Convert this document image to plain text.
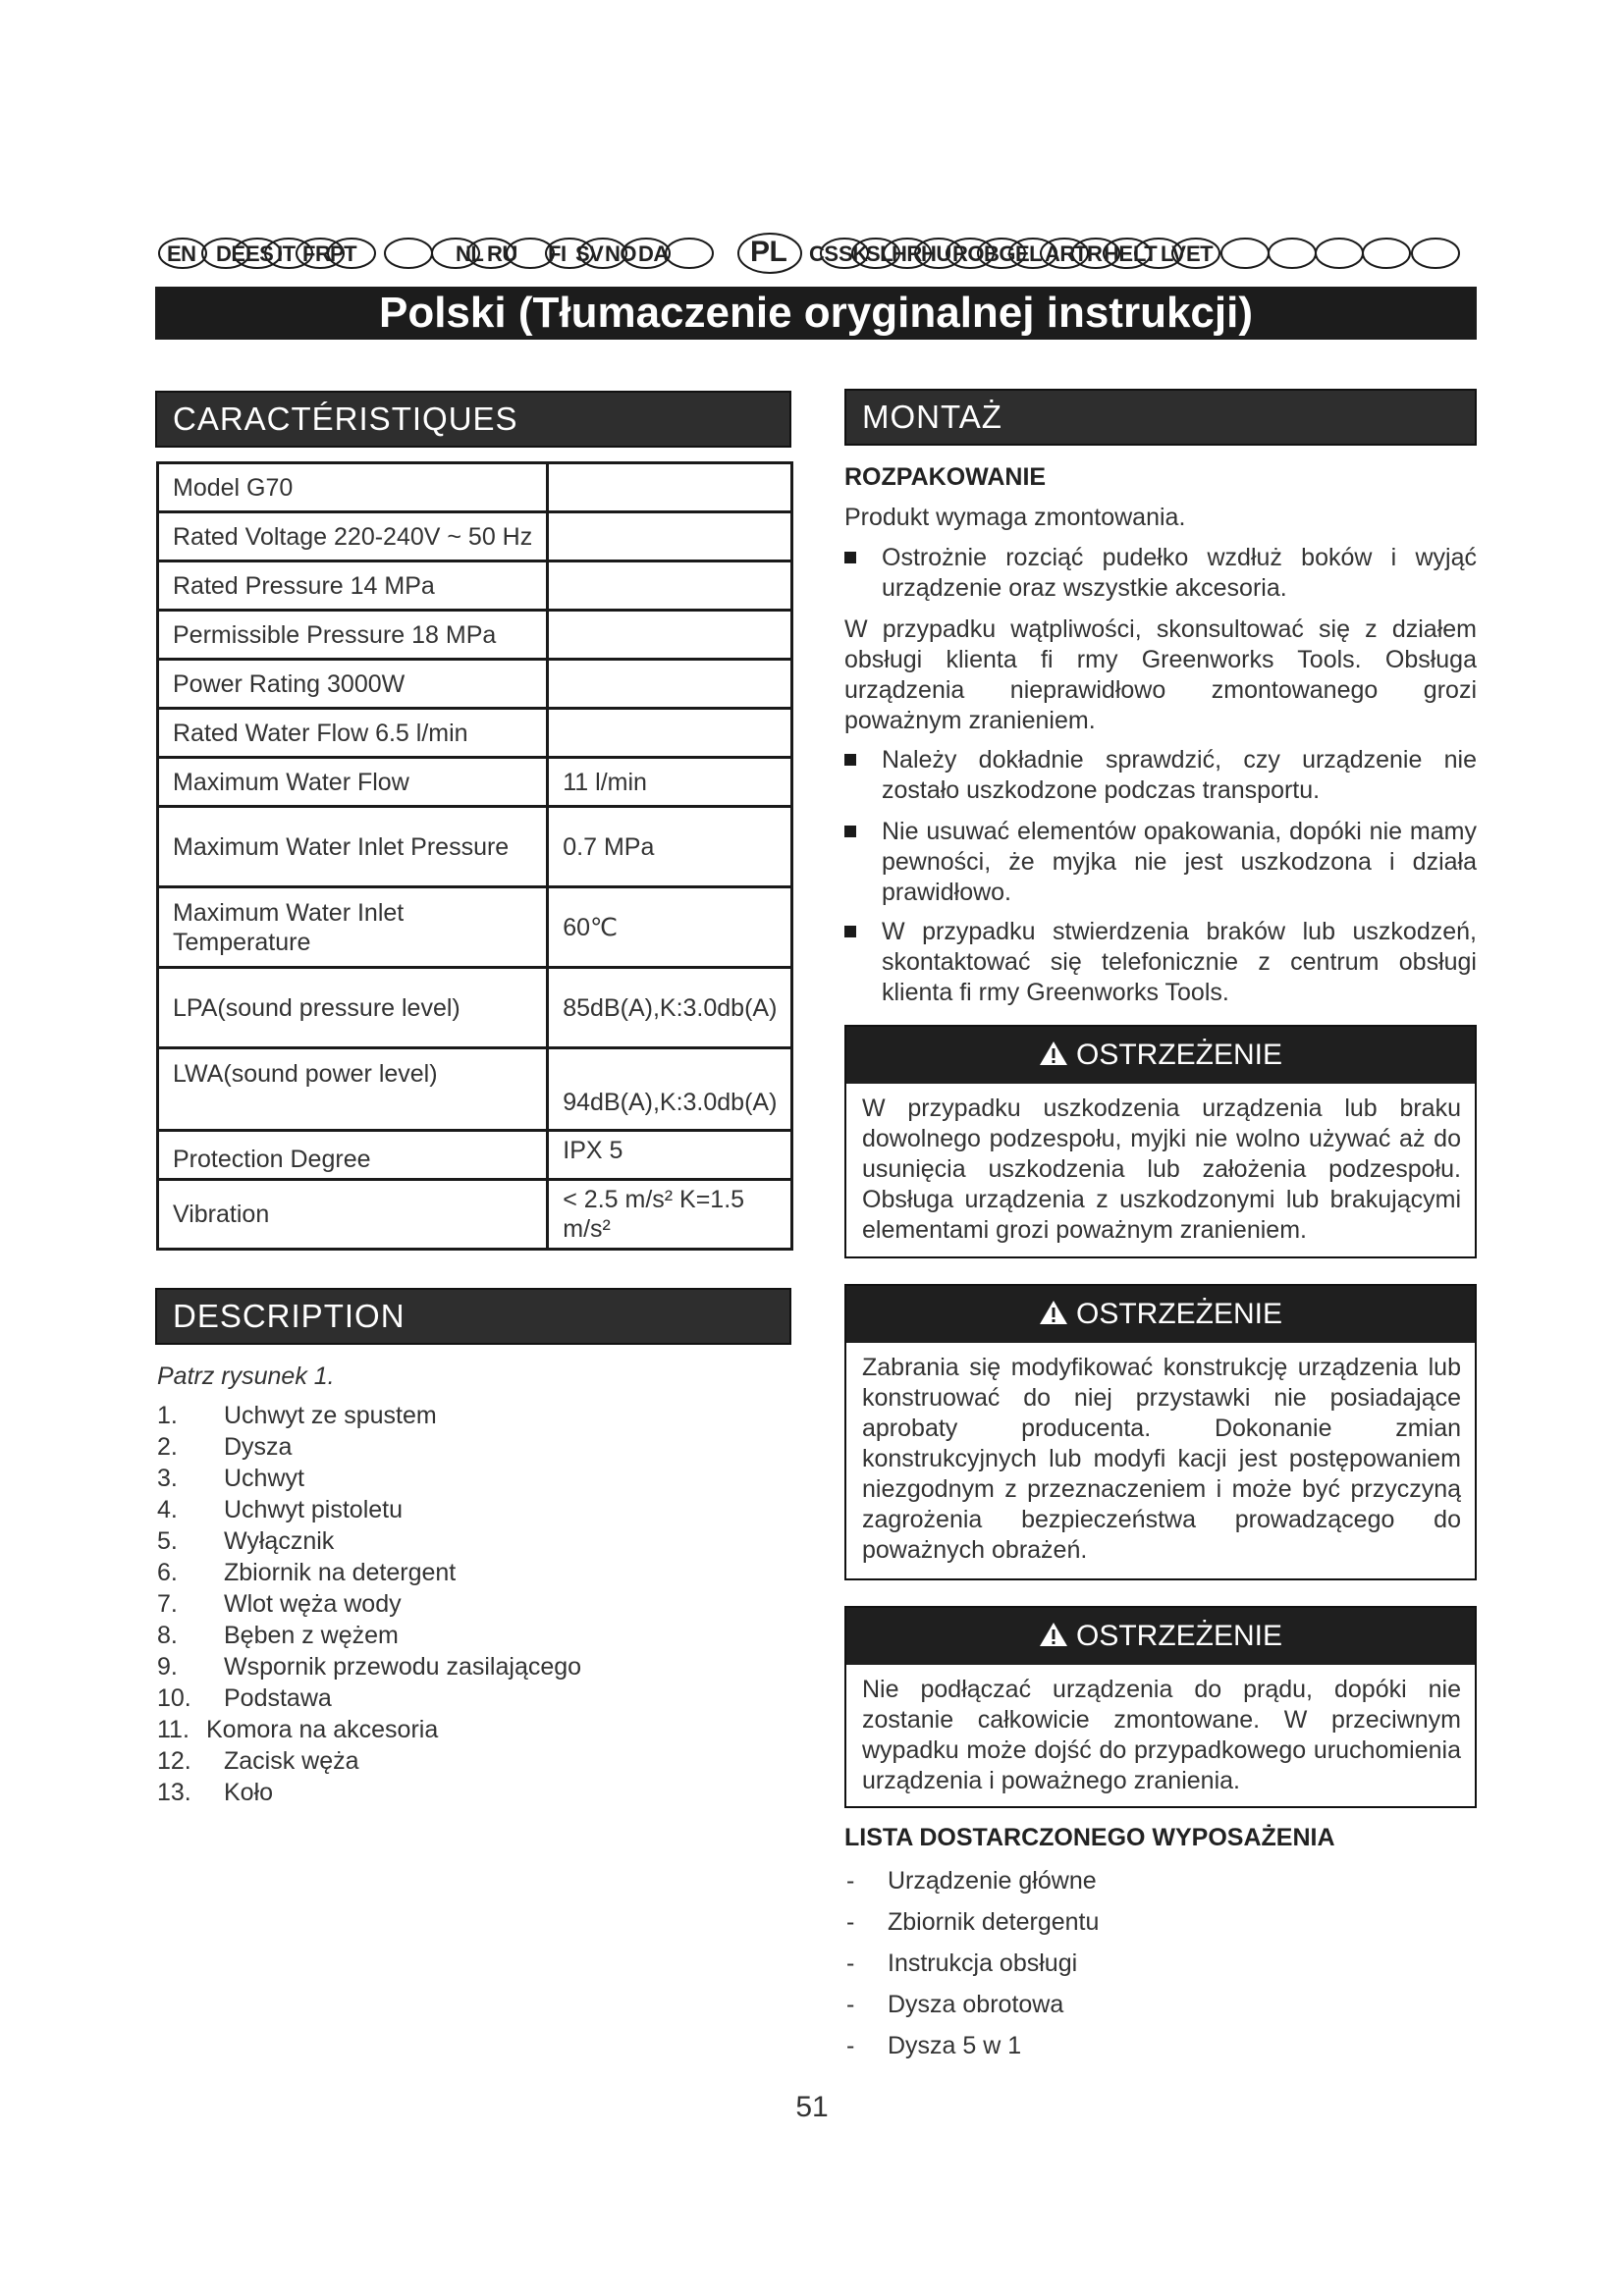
EN DE ES IT FR PT	NL RU FI SV NO DA	PL CS SK
SL
HR HU RO BG EL AR TR HE LT LV ET
Polski (Tłumaczenie oryginalnej instrukcji)
CARACTÉRISTIQUES
Model G70	
Rated Voltage 220-240V ~ 50 Hz	
Rated Pressure 14 MPa	
Permissible Pressure 18 MPa	
Power Rating 3000W	
Rated Water Flow 6.5 l/min	
Maximum Water Flow	11 l/min
Maximum Water Inlet Pressure	0.7 MPa
Maximum Water Inlet Temperature	60℃
LPA(sound pressure level)	85dB(A),K:3.0db(A)
LWA(sound power level)	94dB(A),K:3.0db(A)
Protection Degree	IPX 5
Vibration	< 2.5 m/s² K=1.5 m/s²
DESCRIPTION
Patrz rysunek 1.
1.	Uchwyt ze spustem
2.	Dysza
3.	Uchwyt
4.	Uchwyt pistoletu
5.	Wyłącznik
6.	Zbiornik na detergent
7.	Wlot węża wody
8.	Bęben z wężem
9.	Wspornik przewodu zasilającego
10.	Podstawa
11. Komora na akcesoria
12.	Zacisk węża
13.	Koło
MONTAŻ
ROZPAKOWANIE
Produkt wymaga zmontowania.

Ostrożnie rozciąć pudełko wzdłuż boków i wyjąć urządzenie oraz wszystkie akcesoria.

W przypadku wątpliwości, skonsultować się z działem obsługi klienta fi rmy Greenworks Tools. Obsługa urządzenia nieprawidłowo zmontowanego grozi poważnym zranieniem.

Należy dokładnie sprawdzić, czy urządzenie nie zostało uszkodzone podczas transportu.

Nie usuwać elementów opakowania, dopóki nie mamy pewności, że myjka nie jest uszkodzona i działa prawidłowo.

W przypadku stwierdzenia braków lub uszkodzeń, skontaktować się telefonicznie z centrum obsługi klienta fi rmy Greenworks Tools.

OSTRZEŻENIE
W przypadku uszkodzenia urządzenia lub braku dowolnego podzespołu, myjki nie wolno używać aż do usunięcia uszkodzenia lub założenia podzespołu. Obsługa urządzenia z uszkodzonymi lub brakującymi elementami grozi poważnym zranieniem.
OSTRZEŻENIE
Zabrania się modyfikować konstrukcję urządzenia lub konstruować do niej przystawki nie posiadające aprobaty producenta. Dokonanie zmian konstrukcyjnych lub modyfi kacji jest postępowaniem niezgodnym z przeznaczeniem i może być przyczyną zagrożenia bezpieczeństwa prowadzącego do poważnych obrażeń.
OSTRZEŻENIE
Nie podłączać urządzenia do prądu, dopóki nie zostanie całkowicie zmontowane. W przeciwnym wypadku może dojść do przypadkowego uruchomienia urządzenia i poważnego zranienia.
LISTA DOSTARCZONEGO WYPOSAŻENIA
-	Urządzenie główne
-	Zbiornik detergentu
-	Instrukcja obsługi
-	Dysza obrotowa
-	Dysza 5 w 1
51
